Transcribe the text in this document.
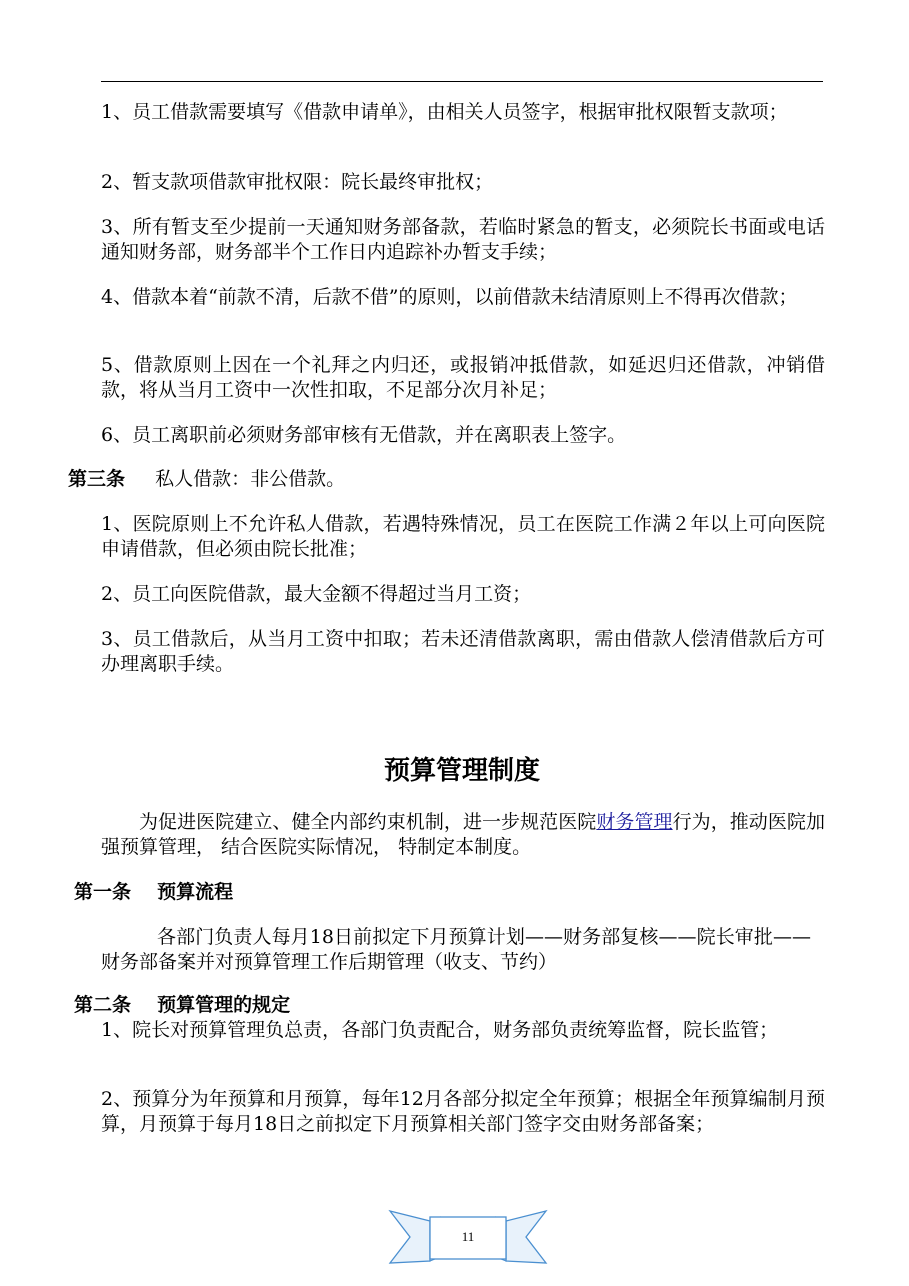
1、员工借款需要填写《借款申请单》，由相关人员签字，根据审批权限暂支款项；

2、暂支款项借款审批权限：院长最终审批权；

3、所有暂支至少提前一天通知财务部备款，若临时紧急的暂支，必须院长书面或电话通知财务部，财务部半个工作日内追踪补办暂支手续；

4、借款本着“前款不清，后款不借”的原则，以前借款未结清原则上不得再次借款；

5、借款原则上因在一个礼拜之内归还，或报销冲抵借款，如延迟归还借款，冲销借款，将从当月工资中一次性扣取，不足部分次月补足；

6、员工离职前必须财务部审核有无借款，并在离职表上签字。

第三条 私人借款：非公借款。

1、医院原则上不允许私人借款，若遇特殊情况，员工在医院工作满２年以上可向医院申请借款，但必须由院长批准；

2、员工向医院借款，最大金额不得超过当月工资；

3、员工借款后，从当月工资中扣取；若未还清借款离职，需由借款人偿清借款后方可办理离职手续。

预算管理制度

为促进医院建立、健全内部约束机制，进一步规范医院财务管理行为，推动医院加强预算管理， 结合医院实际情况， 特制定本制度。

第一条 预算流程

各部门负责人每月18日前拟定下月预算计划——财务部复核——院长审批——财务部备案并对预算管理工作后期管理（收支、节约）

第二条 预算管理的规定

1、院长对预算管理负总责，各部门负责配合，财务部负责统筹监督，院长监管；

2、预算分为年预算和月预算，每年12月各部分拟定全年预算；根据全年预算编制月预算，月预算于每月18日之前拟定下月预算相关部门签字交由财务部备案；

11
